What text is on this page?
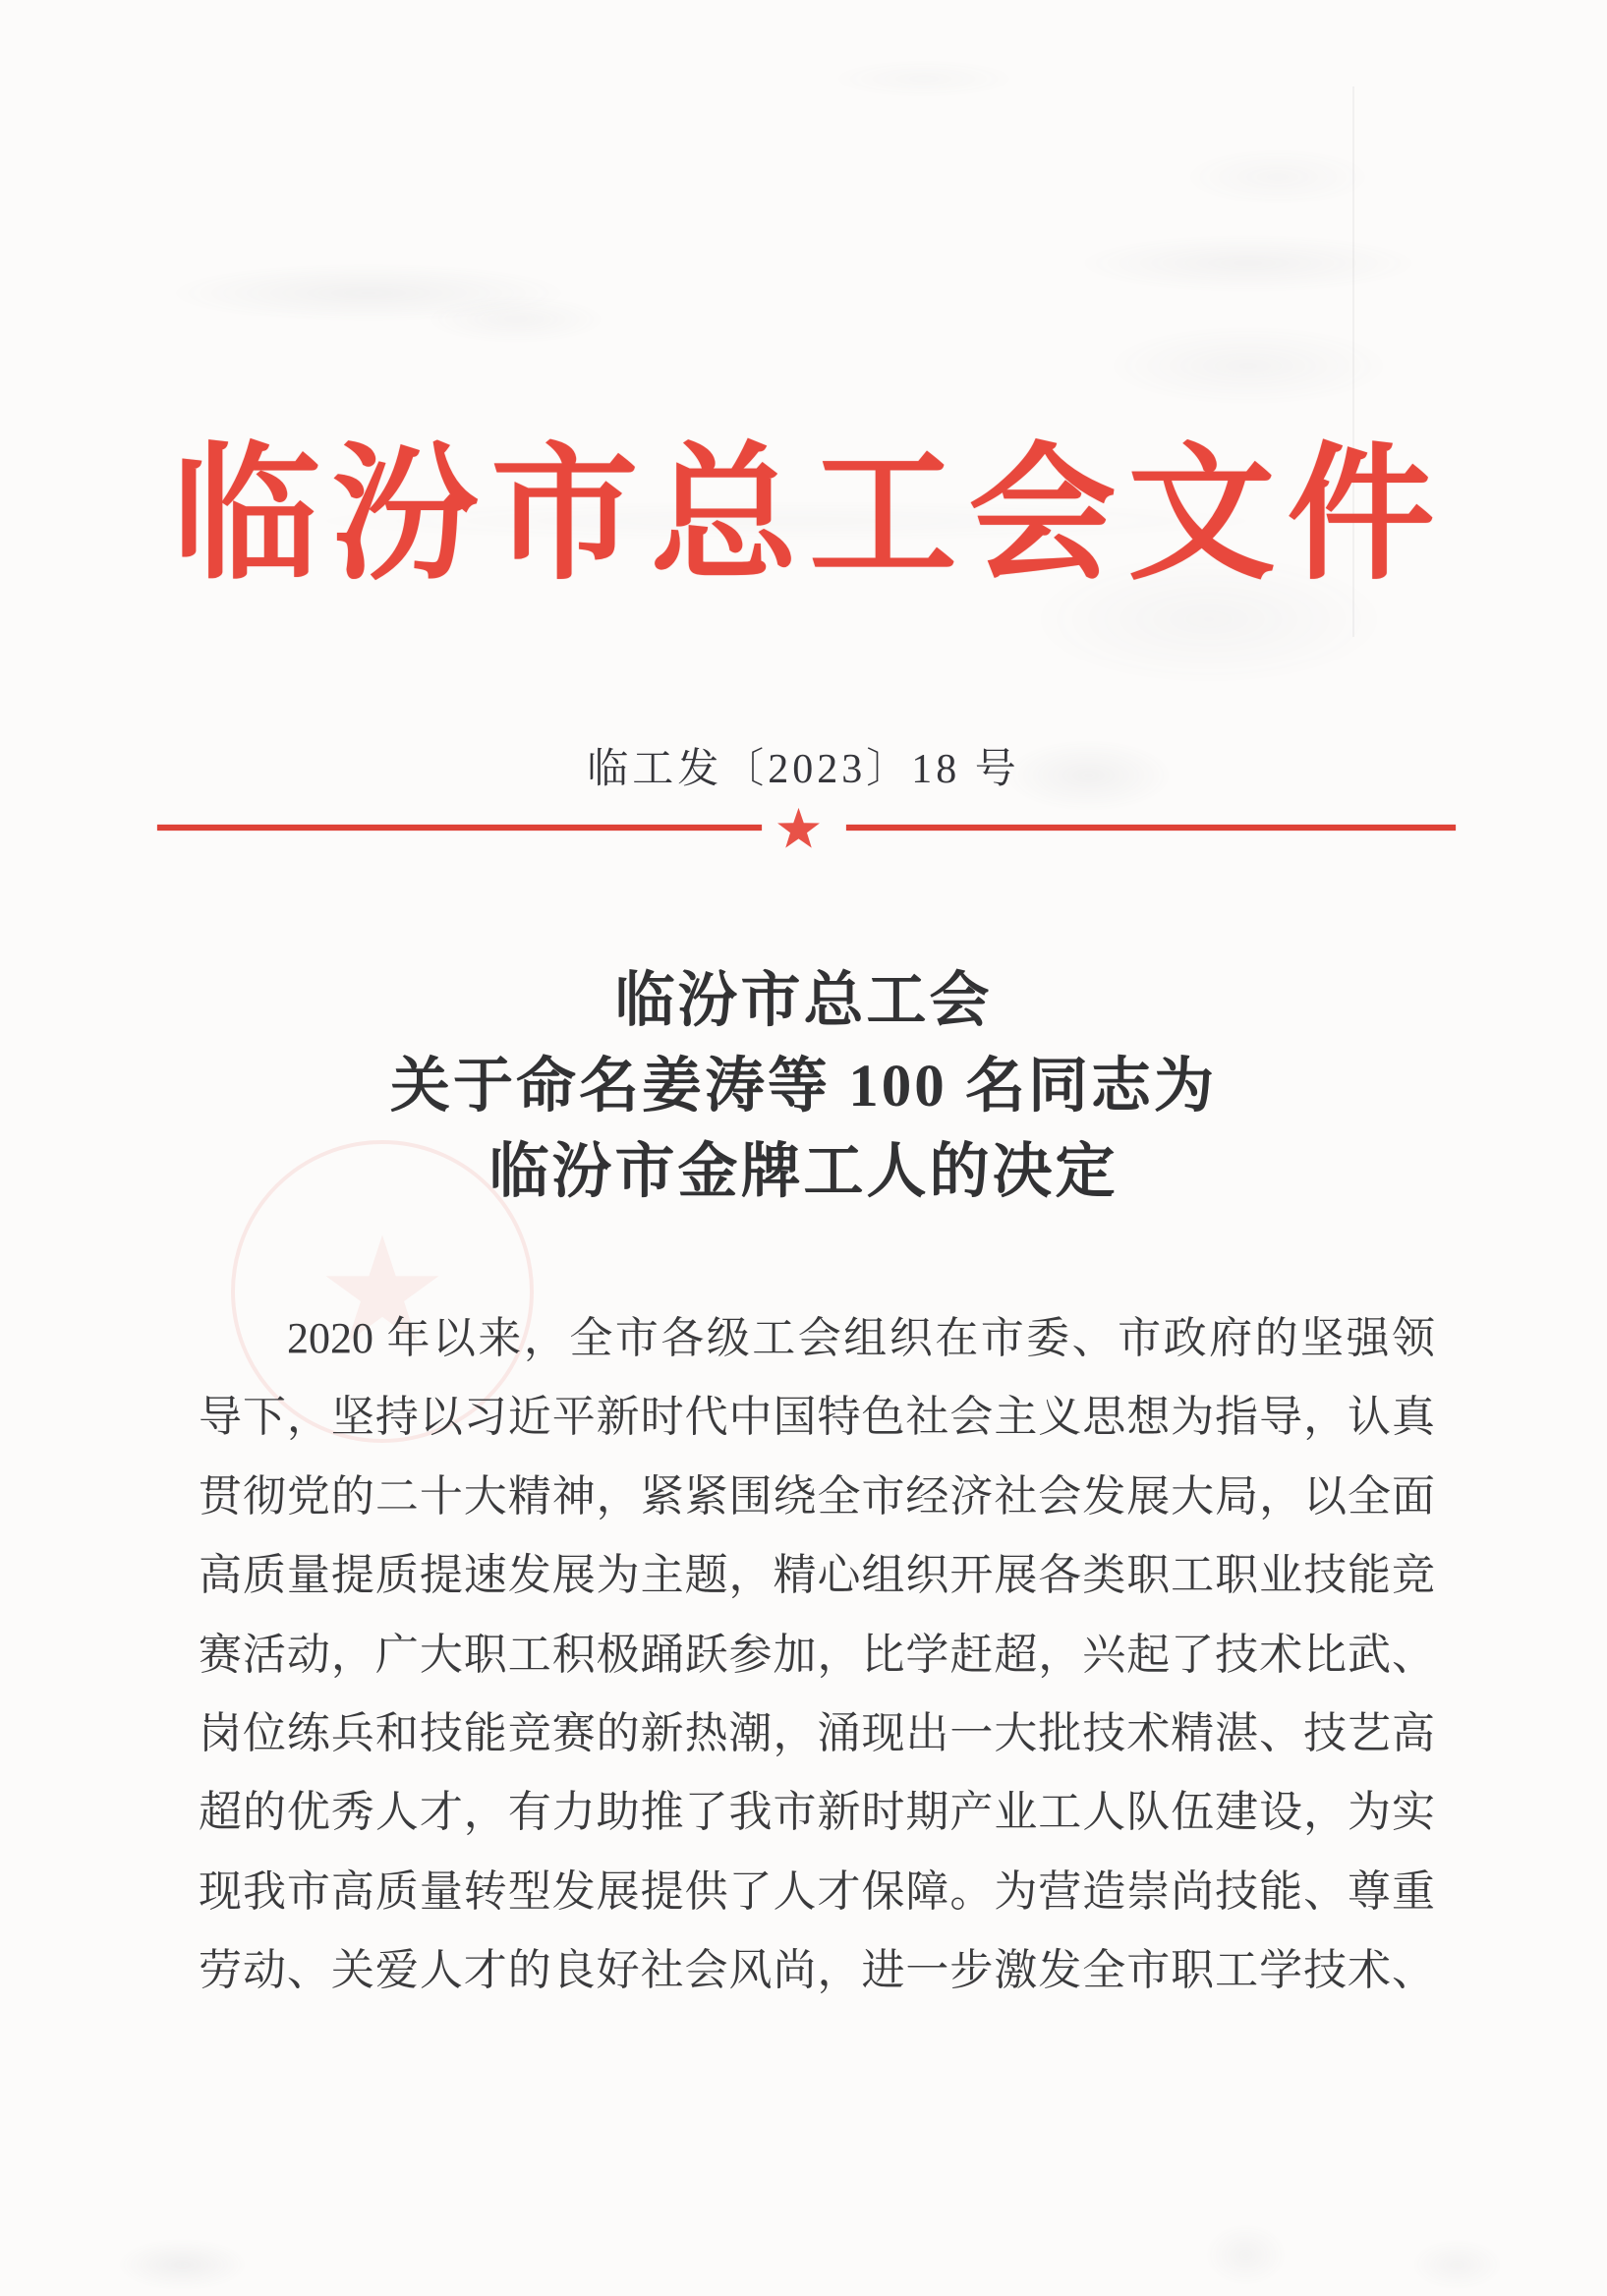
★
临汾市总工会文件
临工发〔2023〕18 号
临汾市总工会
关于命名姜涛等 100 名同志为
临汾市金牌工人的决定
2020 年以来，全市各级工会组织在市委、市政府的坚强领
导下，坚持以习近平新时代中国特色社会主义思想为指导，认真
贯彻党的二十大精神，紧紧围绕全市经济社会发展大局，以全面
高质量提质提速发展为主题，精心组织开展各类职工职业技能竞
赛活动，广大职工积极踊跃参加，比学赶超，兴起了技术比武、
岗位练兵和技能竞赛的新热潮，涌现出一大批技术精湛、技艺高
超的优秀人才，有力助推了我市新时期产业工人队伍建设，为实
现我市高质量转型发展提供了人才保障。为营造崇尚技能、尊重
劳动、关爱人才的良好社会风尚，进一步激发全市职工学技术、
